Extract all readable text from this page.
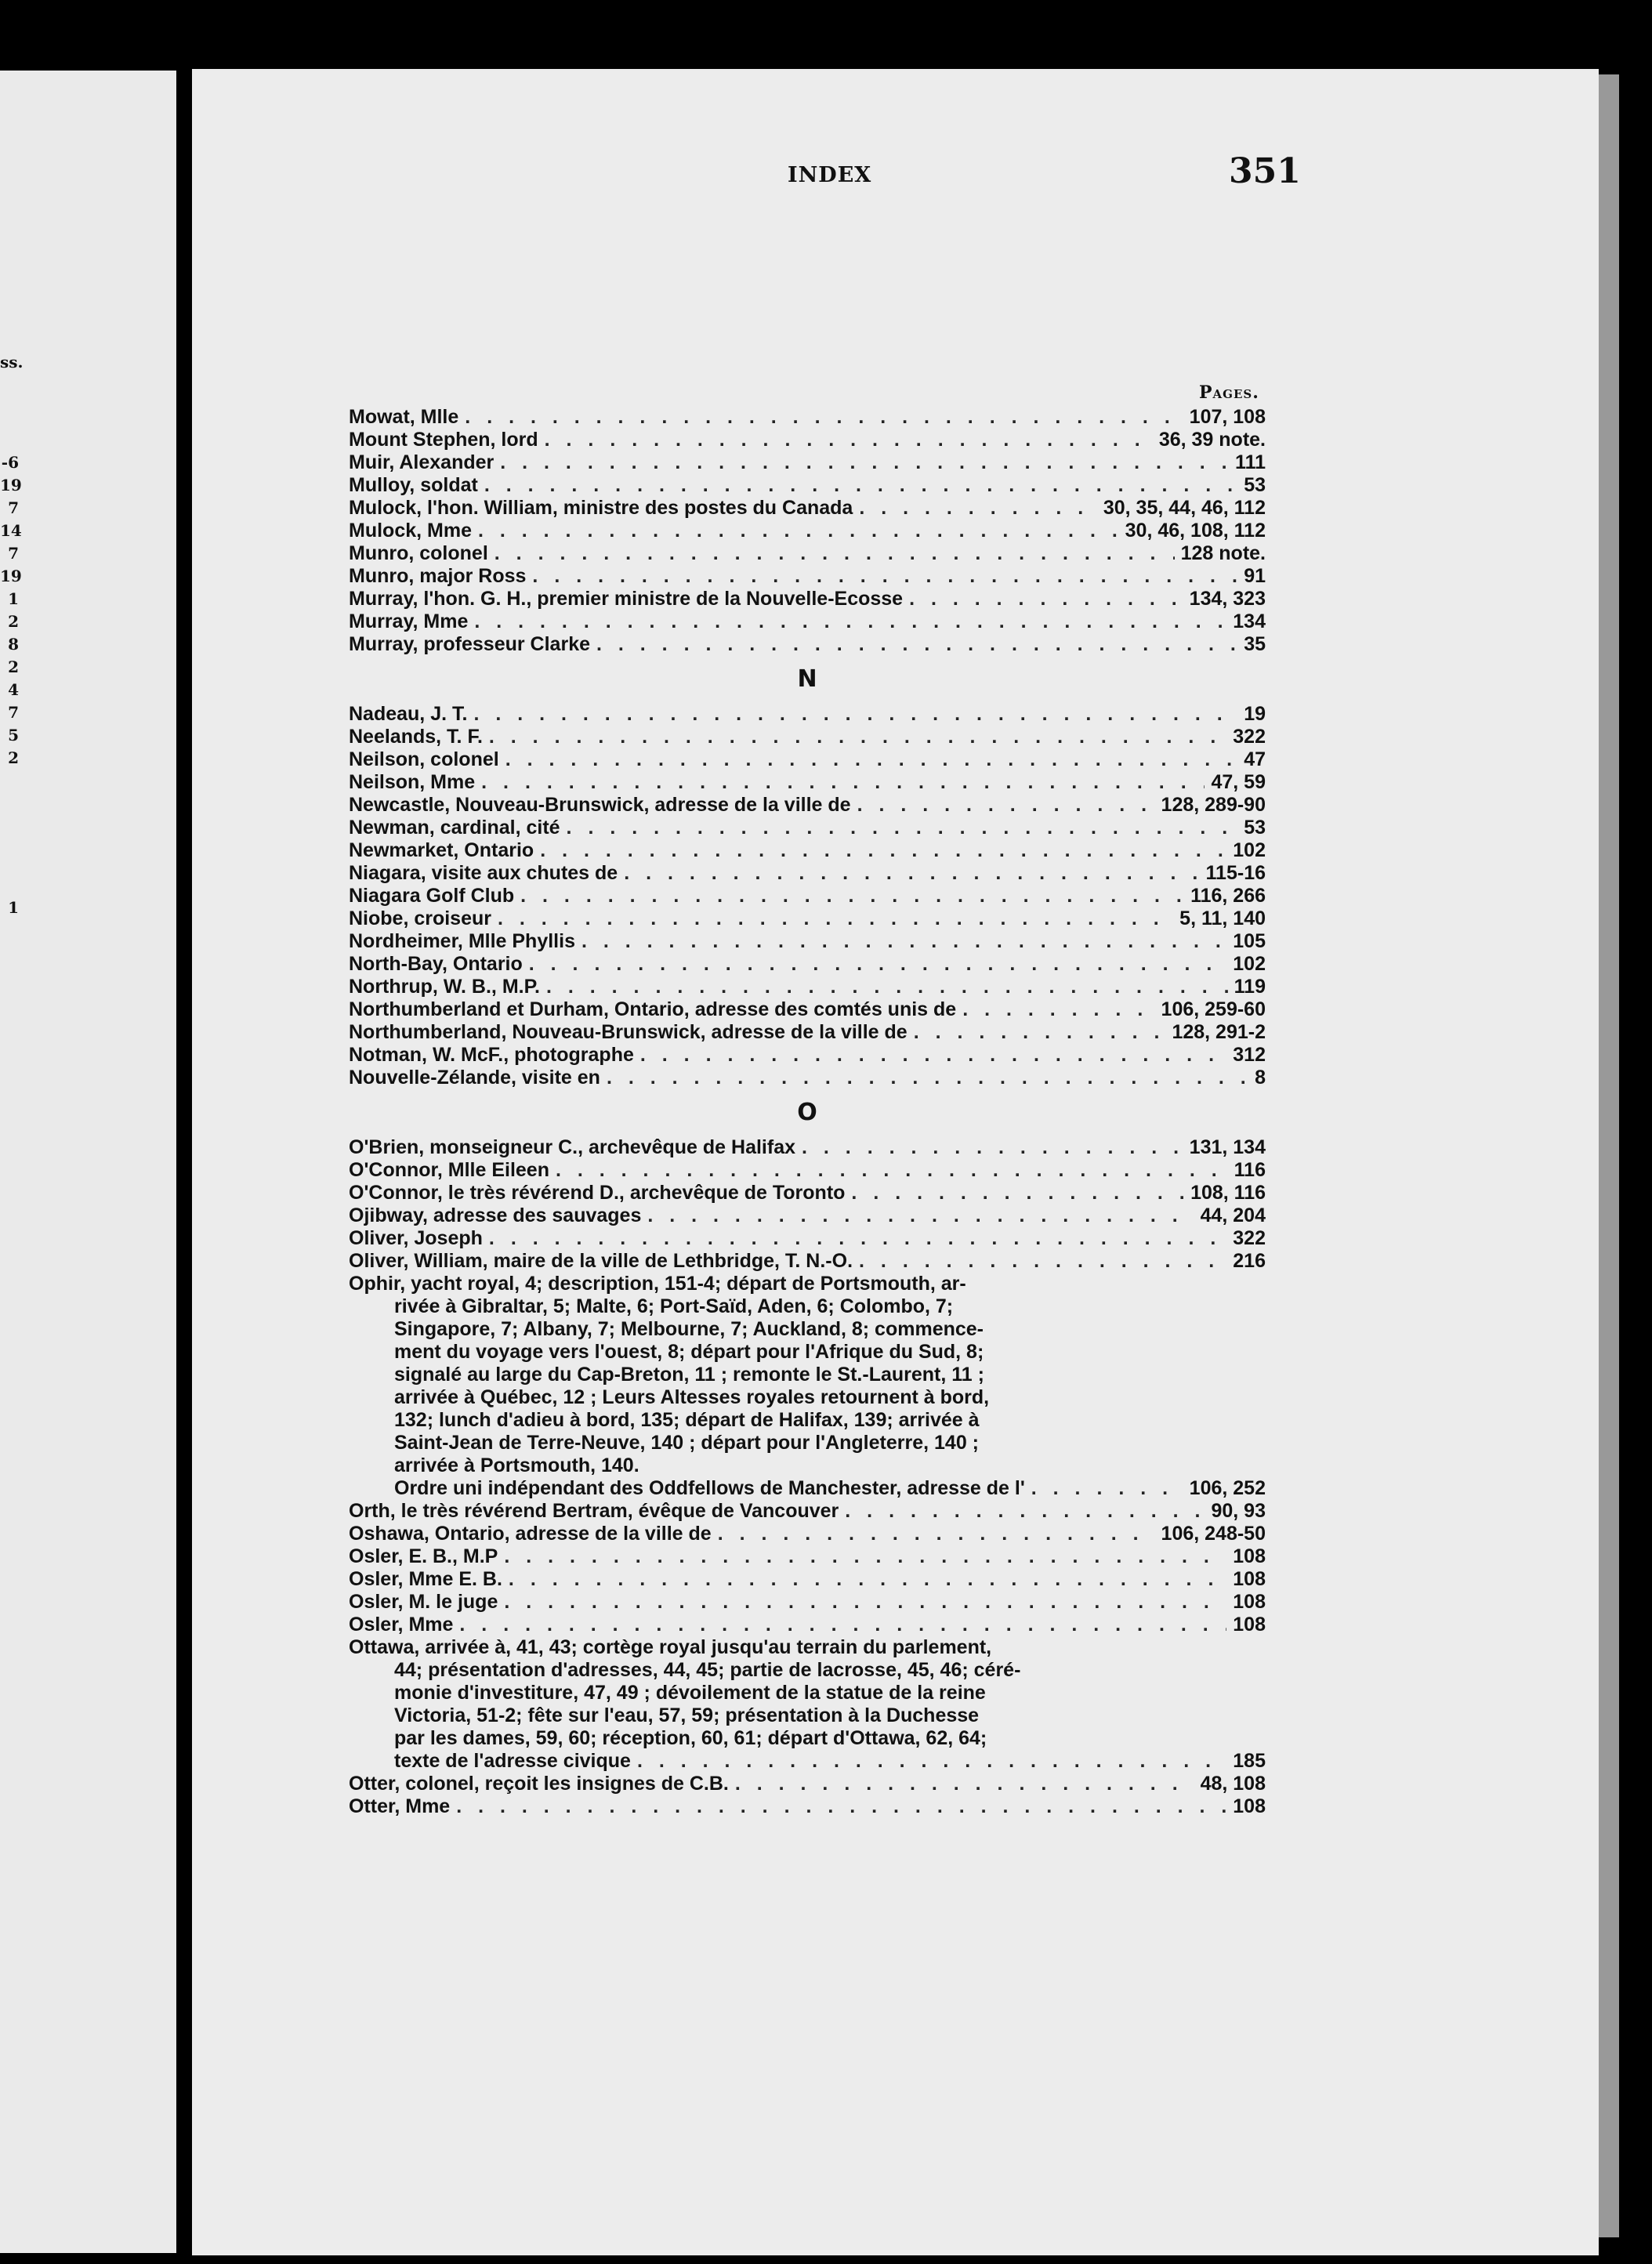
ss.
-6
19
7
14
7
19
1
2
8
2
4
7
5
2
1
INDEX	351
Pages.
Mowat, Mlle . . .	107, 108
Mount Stephen, lord . . .	36, 39 note.
Muir, Alexander . . .	111
Mulloy, soldat . . .	53
Mulock, l'hon. William, ministre des postes du Canada . . .	30, 35, 44, 46, 112
Mulock, Mme . . .	30, 46, 108, 112
Munro, colonel . . .	128 note.
Munro, major Ross . . .	91
Murray, l'hon. G. H., premier ministre de la Nouvelle-Ecosse . . .	134, 323
Murray, Mme . . .	134
Murray, professeur Clarke . . .	35
N
Nadeau, J. T. . . .	19
Neelands, T. F. . . .	322
Neilson, colonel . . .	47
Neilson, Mme . . .	47, 59
Newcastle, Nouveau-Brunswick, adresse de la ville de . . .	128, 289-90
Newman, cardinal, cité . . .	53
Newmarket, Ontario . . .	102
Niagara, visite aux chutes de . . .	115-16
Niagara Golf Club . . .	116, 266
Niobe, croiseur . . .	5, 11, 140
Nordheimer, Mlle Phyllis . . .	105
North-Bay, Ontario . . .	102
Northrup, W. B., M.P. . . .	119
Northumberland et Durham, Ontario, adresse des comtés unis de . . .	106, 259-60
Northumberland, Nouveau-Brunswick, adresse de la ville de . . .	128, 291-2
Notman, W. McF., photographe . . .	312
Nouvelle-Zélande, visite en . . .	8
O
O'Brien, monseigneur C., archevêque de Halifax . . .	131, 134
O'Connor, Mlle Eileen . . .	116
O'Connor, le très révérend D., archevêque de Toronto . . .	108, 116
Ojibway, adresse des sauvages . . .	44, 204
Oliver, Joseph . . .	322
Oliver, William, maire de la ville de Lethbridge, T. N.-O. . . .	216
Ophir, yacht royal, 4; description, 151-4; départ de Portsmouth, ar-
rivée à Gibraltar, 5; Malte, 6; Port-Saïd, Aden, 6; Colombo, 7;
Singapore, 7; Albany, 7; Melbourne, 7; Auckland, 8; commence-
ment du voyage vers l'ouest, 8; départ pour l'Afrique du Sud, 8;
signalé au large du Cap-Breton, 11 ; remonte le St.-Laurent, 11 ;
arrivée à Québec, 12 ; Leurs Altesses royales retournent à bord,
132; lunch d'adieu à bord, 135; départ de Halifax, 139; arrivée à
Saint-Jean de Terre-Neuve, 140 ; départ pour l'Angleterre, 140 ;
arrivée à Portsmouth, 140.
Ordre uni indépendant des Oddfellows de Manchester, adresse de l' . . .	106, 252
Orth, le très révérend Bertram, évêque de Vancouver . . .	90, 93
Oshawa, Ontario, adresse de la ville de . . .	106, 248-50
Osler, E. B., M.P . . .	108
Osler, Mme E. B. . . .	108
Osler, M. le juge . . .	108
Osler, Mme . . .	108
Ottawa, arrivée à, 41, 43; cortège royal jusqu'au terrain du parlement,
44; présentation d'adresses, 44, 45; partie de lacrosse, 45, 46; céré-
monie d'investiture, 47, 49 ; dévoilement de la statue de la reine
Victoria, 51-2; fête sur l'eau, 57, 59; présentation à la Duchesse
par les dames, 59, 60; réception, 60, 61; départ d'Ottawa, 62, 64;
texte de l'adresse civique . . .	185
Otter, colonel, reçoit les insignes de C.B. . . .	48, 108
Otter, Mme . . .	108
